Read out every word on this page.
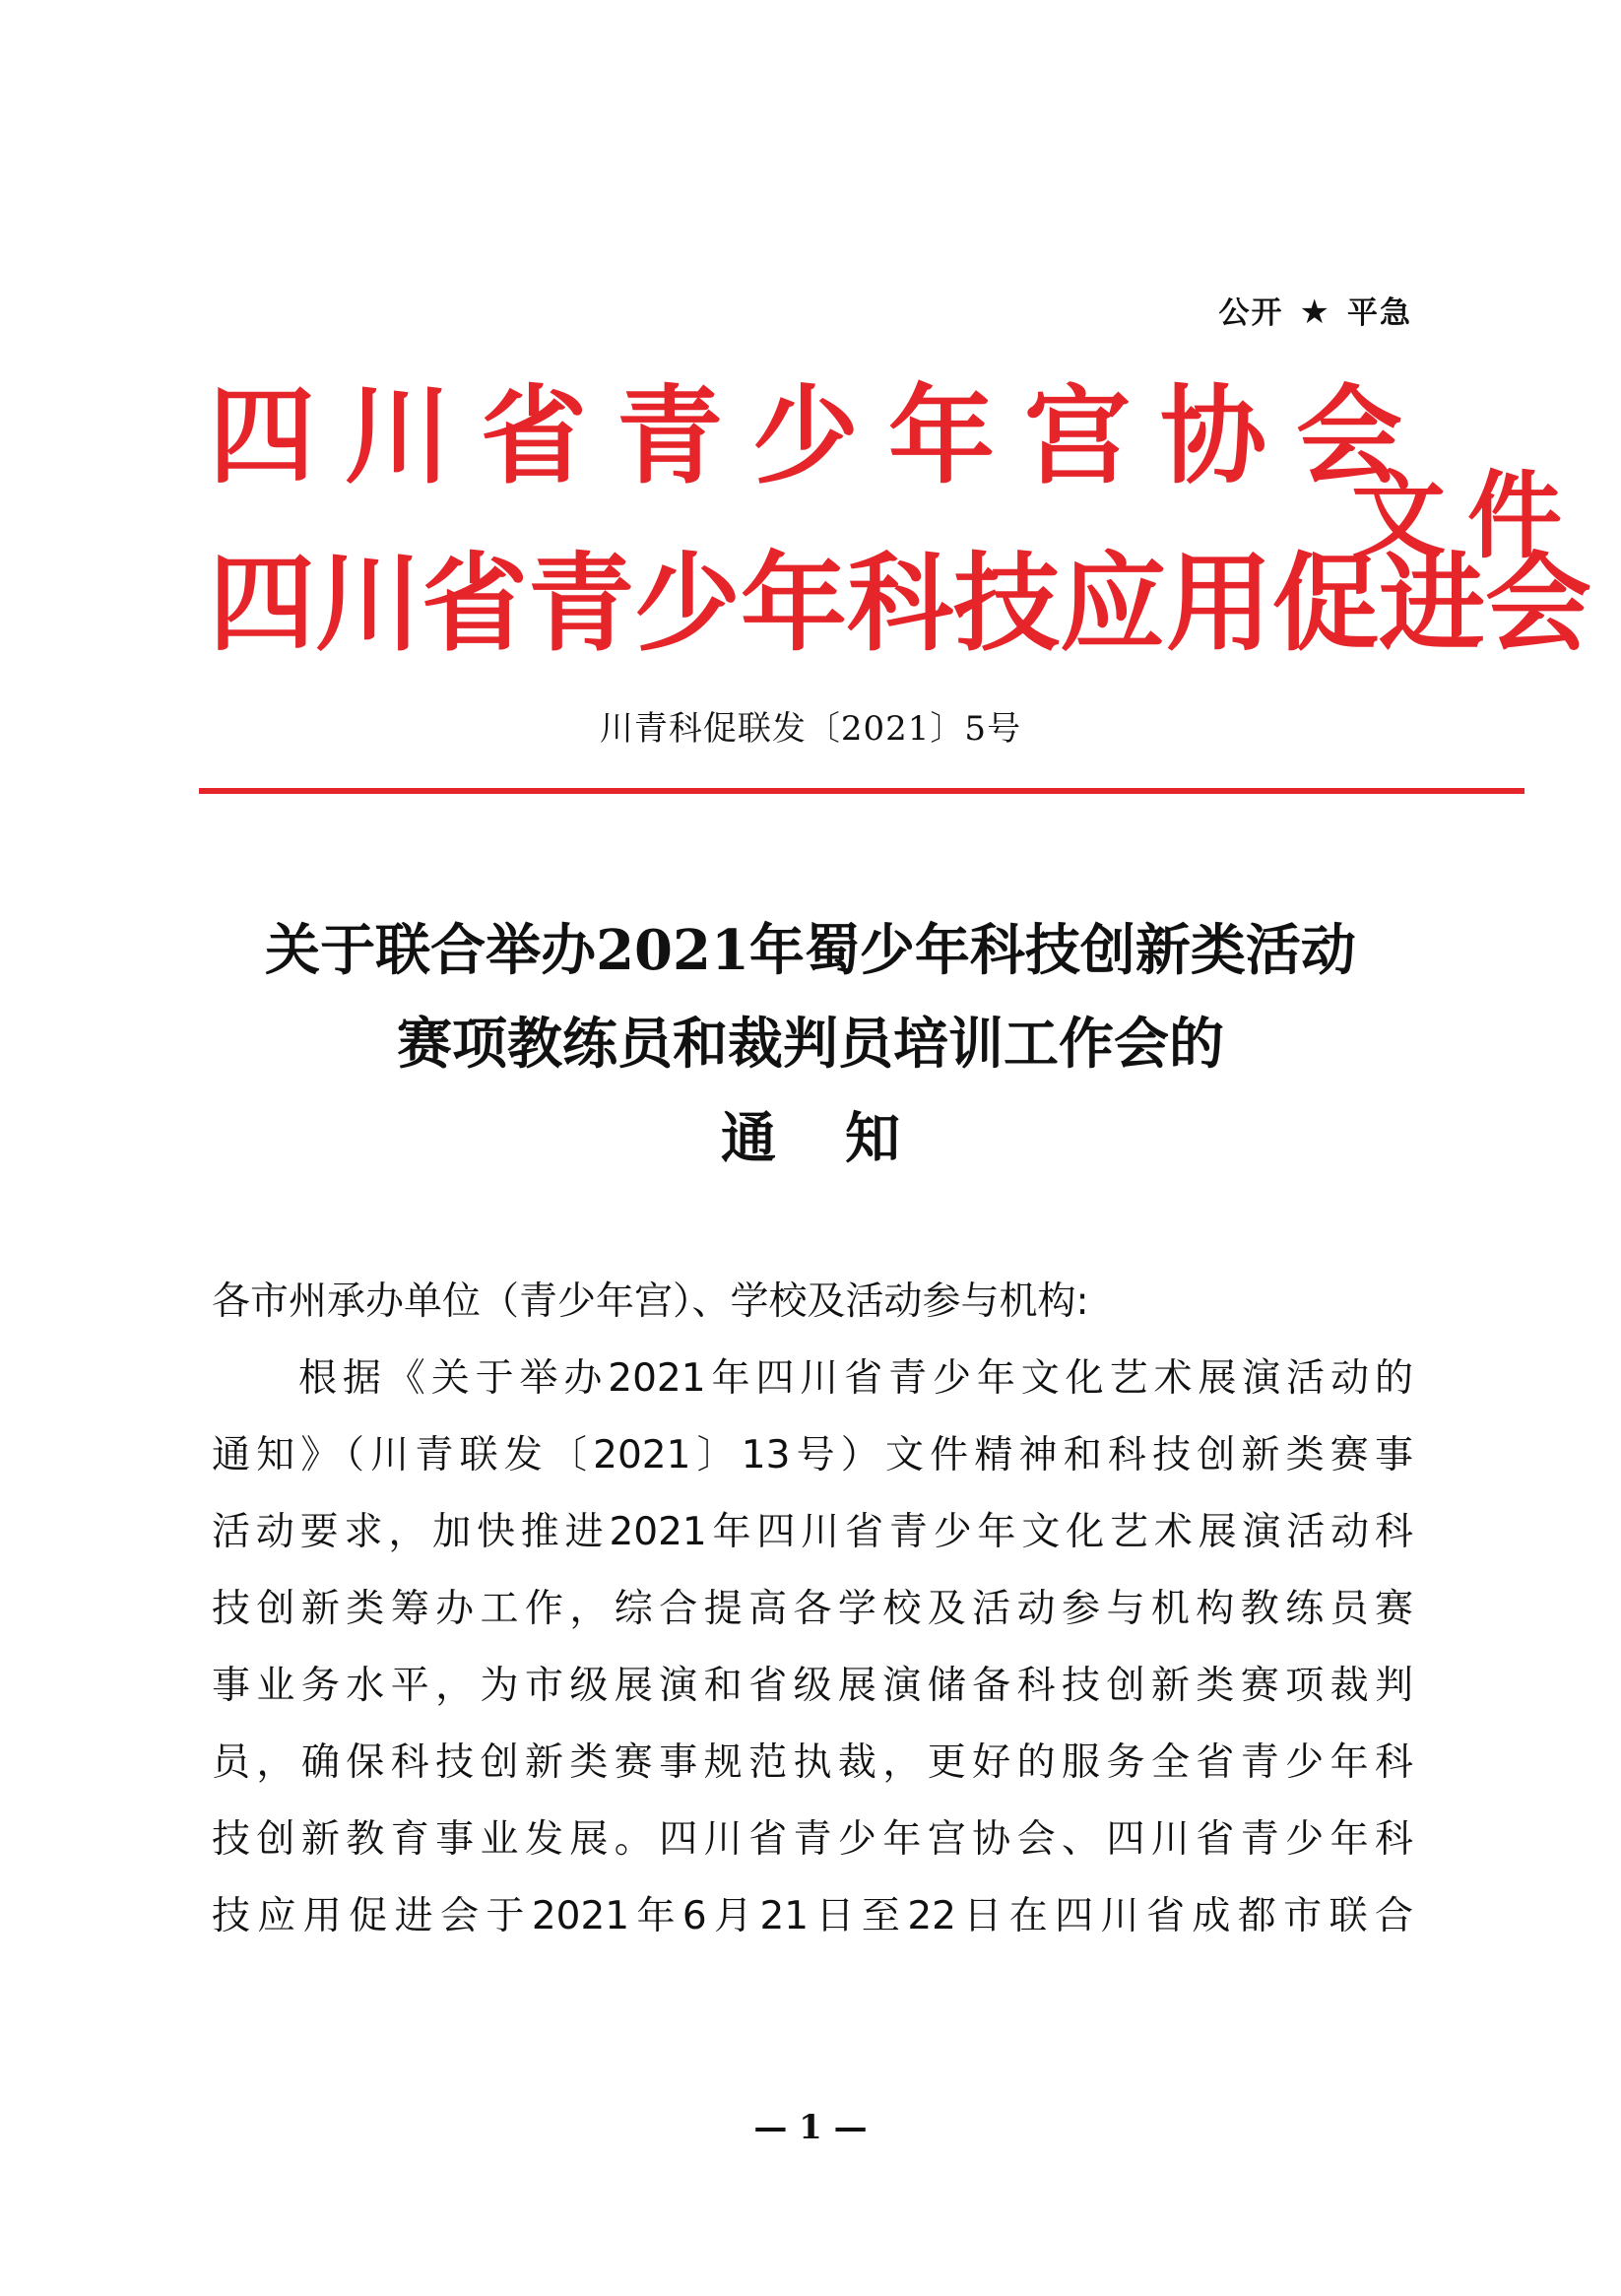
公开 ★ 平急
四川省青少年宫协会
四川省青少年科技应用促进会
文件
川青科促联发〔2021〕5号
关于联合举办2021年蜀少年科技创新类活动
赛项教练员和裁判员培训工作会的
通知
各市州承办单位（青少年宫）、学校及活动参与机构:
根据《关于举办2021年四川省青少年文化艺术展演活动的
通知》（川青联发〔2021〕13号）文件精神和科技创新类赛事
活动要求，加快推进2021年四川省青少年文化艺术展演活动科
技创新类筹办工作，综合提高各学校及活动参与机构教练员赛
事业务水平，为市级展演和省级展演储备科技创新类赛项裁判
员，确保科技创新类赛事规范执裁，更好的服务全省青少年科
技创新教育事业发展。四川省青少年宫协会、四川省青少年科
技应用促进会于2021年6月21日至22日在四川省成都市联合
— 1 —
